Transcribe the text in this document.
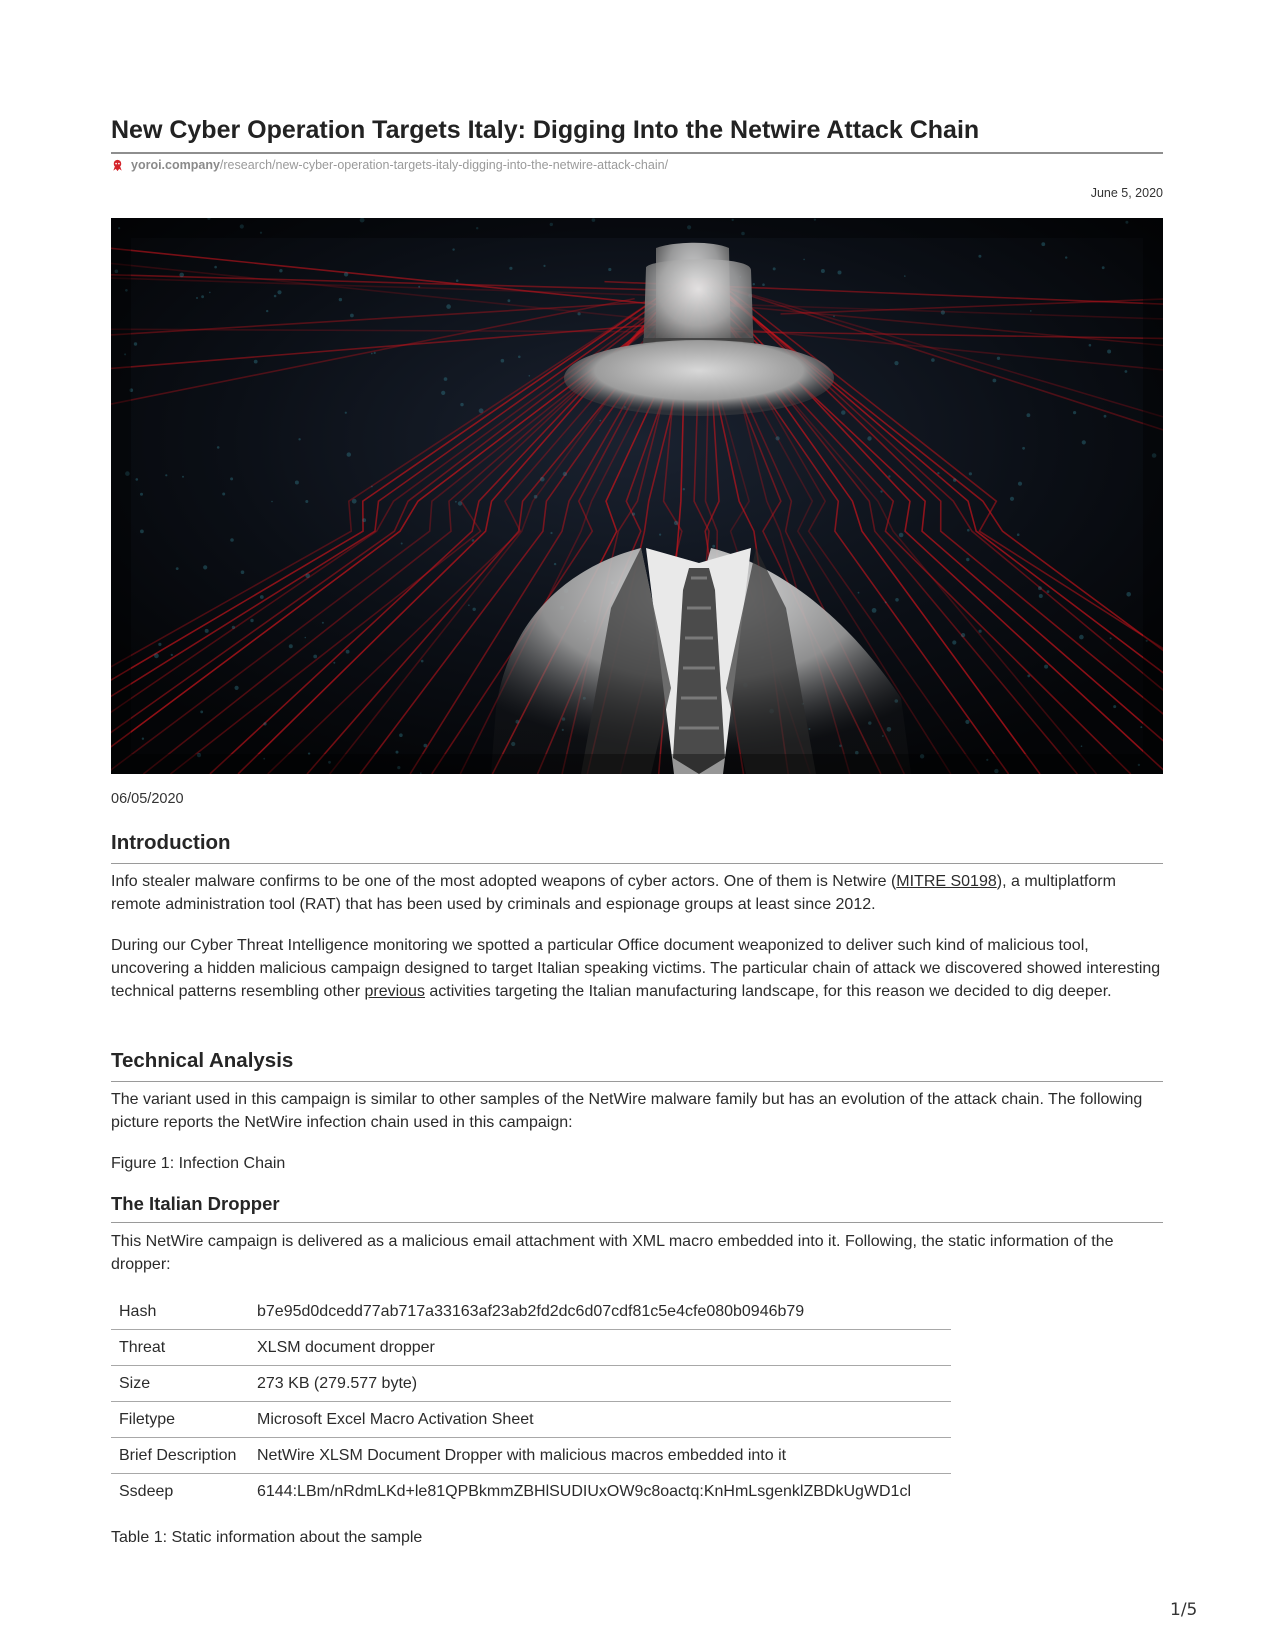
New Cyber Operation Targets Italy: Digging Into the Netwire Attack Chain
yoroi.company /research/new-cyber-operation-targets-italy-digging-into-the-netwire-attack-chain/
June 5, 2020
06/05/2020
Introduction

Info stealer malware confirms to be one of the most adopted weapons of cyber actors. One of them is Netwire (MITRE S0198), a multiplatform remote administration tool (RAT) that has been used by criminals and espionage groups at least since 2012.

During our Cyber Threat Intelligence monitoring we spotted a particular Office document weaponized to deliver such kind of malicious tool, uncovering a hidden malicious campaign designed to target Italian speaking victims. The particular chain of attack we discovered showed interesting technical patterns resembling other previous activities targeting the Italian manufacturing landscape, for this reason we decided to dig deeper.

Technical Analysis

The variant used in this campaign is similar to other samples of the NetWire malware family but has an evolution of the attack chain. The following picture reports the NetWire infection chain used in this campaign:

Figure 1: Infection Chain

The Italian Dropper

This NetWire campaign is delivered as a malicious email attachment with XML macro embedded into it. Following, the static information of the dropper:

Hash	b7e95d0dcedd77ab717a33163af23ab2fd2dc6d07cdf81c5e4cfe080b0946b79
Threat	XLSM document dropper
Size	273 KB (279.577 byte)
Filetype	Microsoft Excel Macro Activation Sheet
Brief Description	NetWire XLSM Document Dropper with malicious macros embedded into it
Ssdeep	6144:LBm/nRdmLKd+le81QPBkmmZBHlSUDIUxOW9c8oactq:KnHmLsgenklZBDkUgWD1cl
Table 1: Static information about the sample
1/5
